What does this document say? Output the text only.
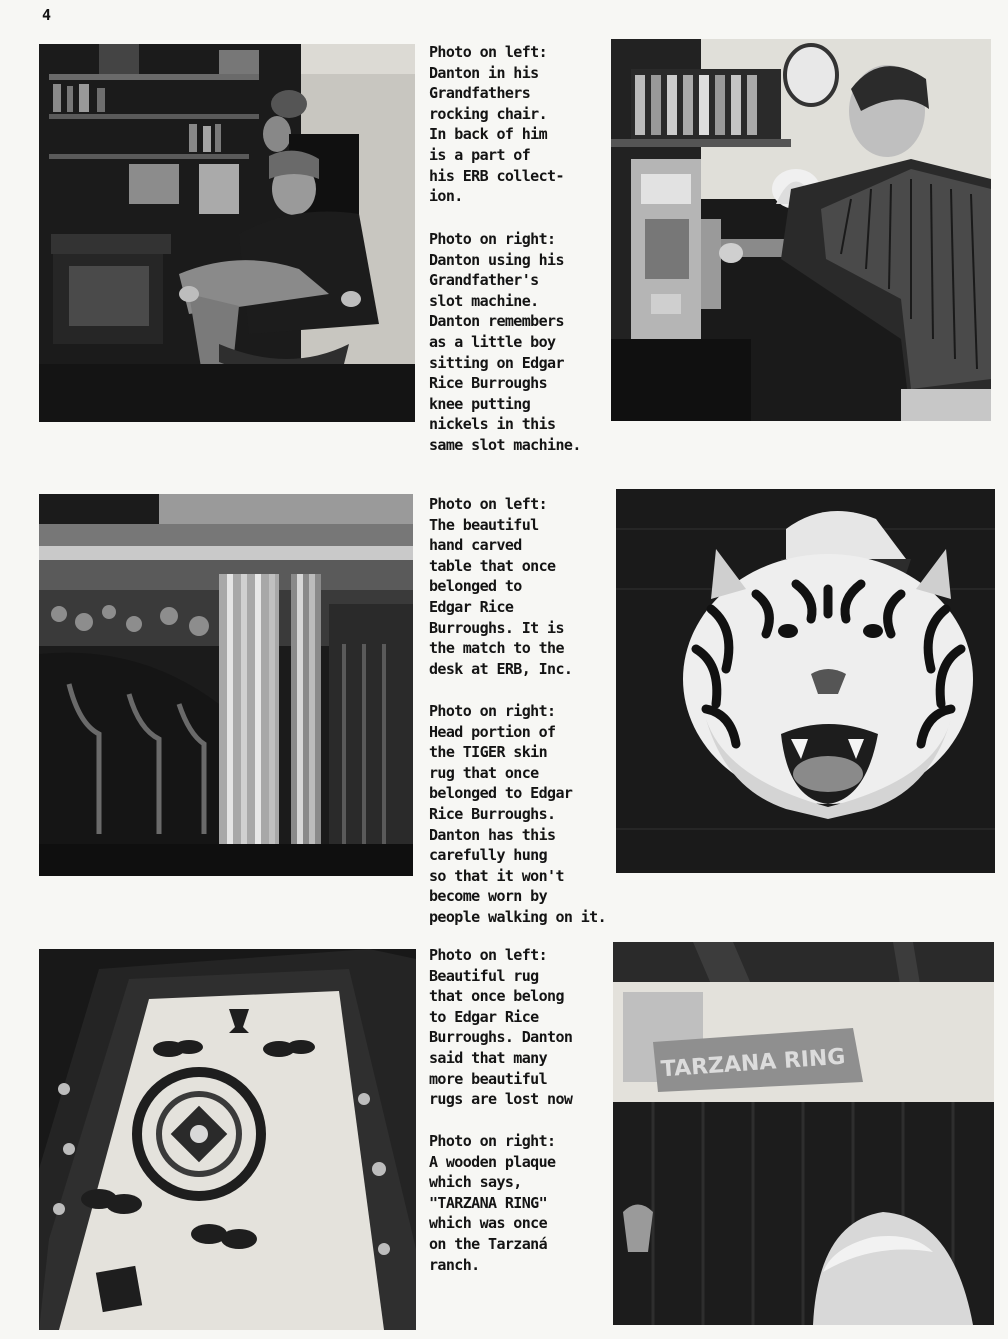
4
Photo on left:
Danton in his
Grandfathers
rocking chair.
In back of him
is a part of
his ERB collect-
ion.
Photo on right:
Danton using his
Grandfather's
slot machine.
Danton remembers
as a little boy
sitting on Edgar
Rice Burroughs
knee putting
nickels in this
same slot machine.
Photo on left:
The beautiful
hand carved
table that once
belonged to
Edgar Rice
Burroughs. It is
the match to the
desk at ERB, Inc.
Photo on right:
Head portion of
the TIGER skin
rug that once
belonged to Edgar
Rice Burroughs.
Danton has this
carefully hung
so that it won't
become worn by
people walking on it.
Photo on left:
Beautiful rug
that once belong
to Edgar Rice
Burroughs. Danton
said that many
more beautiful
rugs are lost now
Photo on right:
A wooden plaque
which says,
"TARZANA RING"
which was once
on the Tarzaná
ranch.
TARZANA RING
